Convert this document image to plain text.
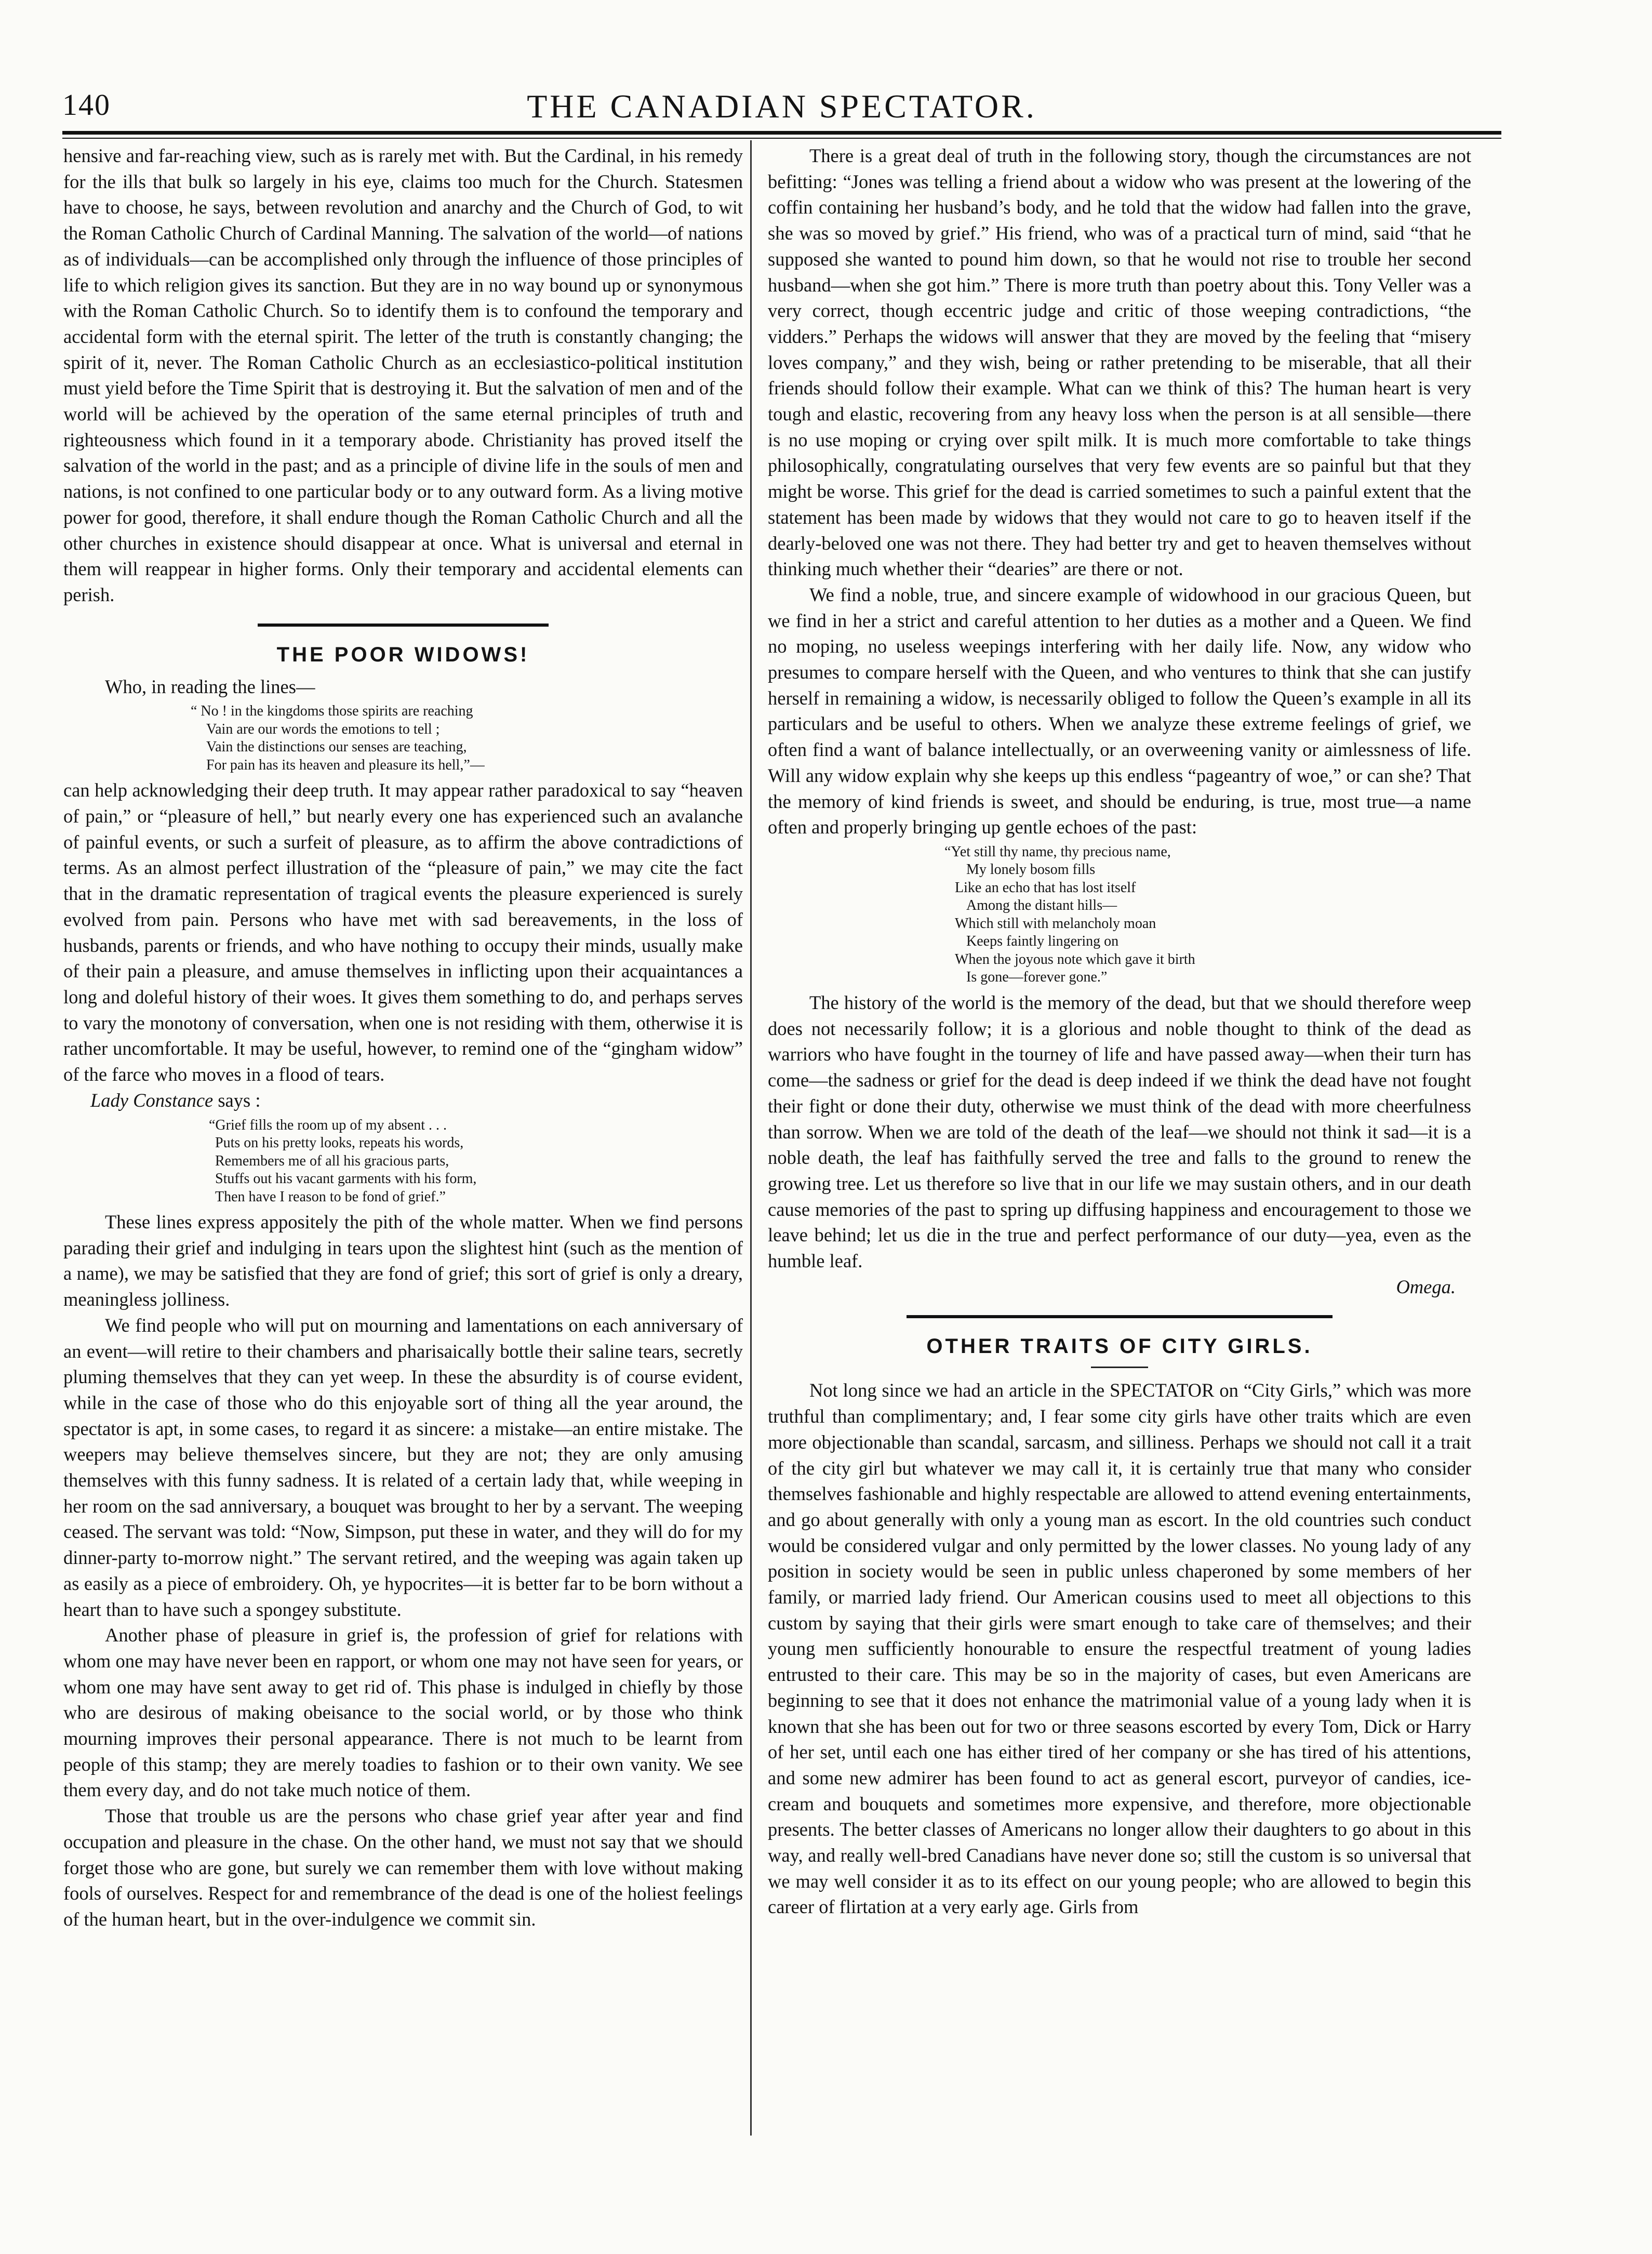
140	THE CANADIAN SPECTATOR.

hensive and far-reaching view, such as is rarely met with. But the Cardinal, in his remedy for the ills that bulk so largely in his eye, claims too much for the Church. Statesmen have to choose, he says, between revolution and anarchy and the Church of God, to wit the Roman Catholic Church of Cardinal Manning. The salvation of the world—of nations as of individuals—can be accomplished only through the influence of those principles of life to which religion gives its sanction. But they are in no way bound up or synonymous with the Roman Catholic Church. So to identify them is to confound the temporary and accidental form with the eternal spirit. The letter of the truth is constantly changing; the spirit of it, never. The Roman Catholic Church as an ecclesiastico-political institution must yield before the Time Spirit that is destroying it. But the salvation of men and of the world will be achieved by the operation of the same eternal principles of truth and righteousness which found in it a temporary abode. Christianity has proved itself the salvation of the world in the past; and as a principle of divine life in the souls of men and nations, is not confined to one particular body or to any outward form. As a living motive power for good, therefore, it shall endure though the Roman Catholic Church and all the other churches in existence should disappear at once. What is universal and eternal in them will reappear in higher forms. Only their temporary and accidental elements can perish.

THE POOR WIDOWS!

Who, in reading the lines—

“ No ! in the kingdoms those spirits are reaching
Vain are our words the emotions to tell ;
Vain the distinctions our senses are teaching,
For pain has its heaven and pleasure its hell,”—

can help acknowledging their deep truth. It may appear rather paradoxical to say “heaven of pain,” or “pleasure of hell,” but nearly every one has experienced such an avalanche of painful events, or such a surfeit of pleasure, as to affirm the above contradictions of terms. As an almost perfect illustration of the “pleasure of pain,” we may cite the fact that in the dramatic representation of tragical events the pleasure experienced is surely evolved from pain. Persons who have met with sad bereavements, in the loss of husbands, parents or friends, and who have nothing to occupy their minds, usually make of their pain a pleasure, and amuse themselves in inflicting upon their acquaintances a long and doleful history of their woes. It gives them something to do, and perhaps serves to vary the monotony of conversation, when one is not residing with them, otherwise it is rather uncomfortable. It may be useful, however, to remind one of the “gingham widow” of the farce who moves in a flood of tears.

Lady Constance says :

“Grief fills the room up of my absent . . .
Puts on his pretty looks, repeats his words,
Remembers me of all his gracious parts,
Stuffs out his vacant garments with his form,
Then have I reason to be fond of grief.”

These lines express appositely the pith of the whole matter. When we find persons parading their grief and indulging in tears upon the slightest hint (such as the mention of a name), we may be satisfied that they are fond of grief; this sort of grief is only a dreary, meaningless jolliness.

We find people who will put on mourning and lamentations on each anniversary of an event—will retire to their chambers and pharisaically bottle their saline tears, secretly pluming themselves that they can yet weep. In these the absurdity is of course evident, while in the case of those who do this enjoyable sort of thing all the year around, the spectator is apt, in some cases, to regard it as sincere: a mistake—an entire mistake. The weepers may believe themselves sincere, but they are not; they are only amusing themselves with this funny sadness. It is related of a certain lady that, while weeping in her room on the sad anniversary, a bouquet was brought to her by a servant. The weeping ceased. The servant was told: “Now, Simpson, put these in water, and they will do for my dinner-party to-morrow night.” The servant retired, and the weeping was again taken up as easily as a piece of embroidery. Oh, ye hypocrites—it is better far to be born without a heart than to have such a spongey substitute.

Another phase of pleasure in grief is, the profession of grief for relations with whom one may have never been en rapport, or whom one may not have seen for years, or whom one may have sent away to get rid of. This phase is indulged in chiefly by those who are desirous of making obeisance to the social world, or by those who think mourning improves their personal appearance. There is not much to be learnt from people of this stamp; they are merely toadies to fashion or to their own vanity. We see them every day, and do not take much notice of them.

Those that trouble us are the persons who chase grief year after year and find occupation and pleasure in the chase. On the other hand, we must not say that we should forget those who are gone, but surely we can remember them with love without making fools of ourselves. Respect for and remembrance of the dead is one of the holiest feelings of the human heart, but in the over-indulgence we commit sin.

There is a great deal of truth in the following story, though the circumstances are not befitting: “Jones was telling a friend about a widow who was present at the lowering of the coffin containing her husband’s body, and he told that the widow had fallen into the grave, she was so moved by grief.” His friend, who was of a practical turn of mind, said “that he supposed she wanted to pound him down, so that he would not rise to trouble her second husband—when she got him.” There is more truth than poetry about this. Tony Veller was a very correct, though eccentric judge and critic of those weeping contradictions, “the vidders.” Perhaps the widows will answer that they are moved by the feeling that “misery loves company,” and they wish, being or rather pretending to be miserable, that all their friends should follow their example. What can we think of this? The human heart is very tough and elastic, recovering from any heavy loss when the person is at all sensible—there is no use moping or crying over spilt milk. It is much more comfortable to take things philosophically, congratulating ourselves that very few events are so painful but that they might be worse. This grief for the dead is carried sometimes to such a painful extent that the statement has been made by widows that they would not care to go to heaven itself if the dearly-beloved one was not there. They had better try and get to heaven themselves without thinking much whether their “dearies” are there or not.

We find a noble, true, and sincere example of widowhood in our gracious Queen, but we find in her a strict and careful attention to her duties as a mother and a Queen. We find no moping, no useless weepings interfering with her daily life. Now, any widow who presumes to compare herself with the Queen, and who ventures to think that she can justify herself in remaining a widow, is necessarily obliged to follow the Queen’s example in all its particulars and be useful to others. When we analyze these extreme feelings of grief, we often find a want of balance intellectually, or an overweening vanity or aimlessness of life. Will any widow explain why she keeps up this endless “pageantry of woe,” or can she? That the memory of kind friends is sweet, and should be enduring, is true, most true—a name often and properly bringing up gentle echoes of the past:

“Yet still thy name, thy precious name,
My lonely bosom fills
Like an echo that has lost itself
Among the distant hills—
Which still with melancholy moan
Keeps faintly lingering on
When the joyous note which gave it birth
Is gone—forever gone.”

The history of the world is the memory of the dead, but that we should therefore weep does not necessarily follow; it is a glorious and noble thought to think of the dead as warriors who have fought in the tourney of life and have passed away—when their turn has come—the sadness or grief for the dead is deep indeed if we think the dead have not fought their fight or done their duty, otherwise we must think of the dead with more cheerfulness than sorrow. When we are told of the death of the leaf—we should not think it sad—it is a noble death, the leaf has faithfully served the tree and falls to the ground to renew the growing tree. Let us therefore so live that in our life we may sustain others, and in our death cause memories of the past to spring up diffusing happiness and encouragement to those we leave behind; let us die in the true and perfect performance of our duty—yea, even as the humble leaf.

Omega.

OTHER TRAITS OF CITY GIRLS.

Not long since we had an article in the SPECTATOR on “City Girls,” which was more truthful than complimentary; and, I fear some city girls have other traits which are even more objectionable than scandal, sarcasm, and silliness. Perhaps we should not call it a trait of the city girl but whatever we may call it, it is certainly true that many who consider themselves fashionable and highly respectable are allowed to attend evening entertainments, and go about generally with only a young man as escort. In the old countries such conduct would be considered vulgar and only permitted by the lower classes. No young lady of any position in society would be seen in public unless chaperoned by some members of her family, or married lady friend. Our American cousins used to meet all objections to this custom by saying that their girls were smart enough to take care of themselves; and their young men sufficiently honourable to ensure the respectful treatment of young ladies entrusted to their care. This may be so in the majority of cases, but even Americans are beginning to see that it does not enhance the matrimonial value of a young lady when it is known that she has been out for two or three seasons escorted by every Tom, Dick or Harry of her set, until each one has either tired of her company or she has tired of his attentions, and some new admirer has been found to act as general escort, purveyor of candies, ice-cream and bouquets and sometimes more expensive, and therefore, more objectionable presents. The better classes of Americans no longer allow their daughters to go about in this way, and really well-bred Canadians have never done so; still the custom is so universal that we may well consider it as to its effect on our young people; who are allowed to begin this career of flirtation at a very early age. Girls from
